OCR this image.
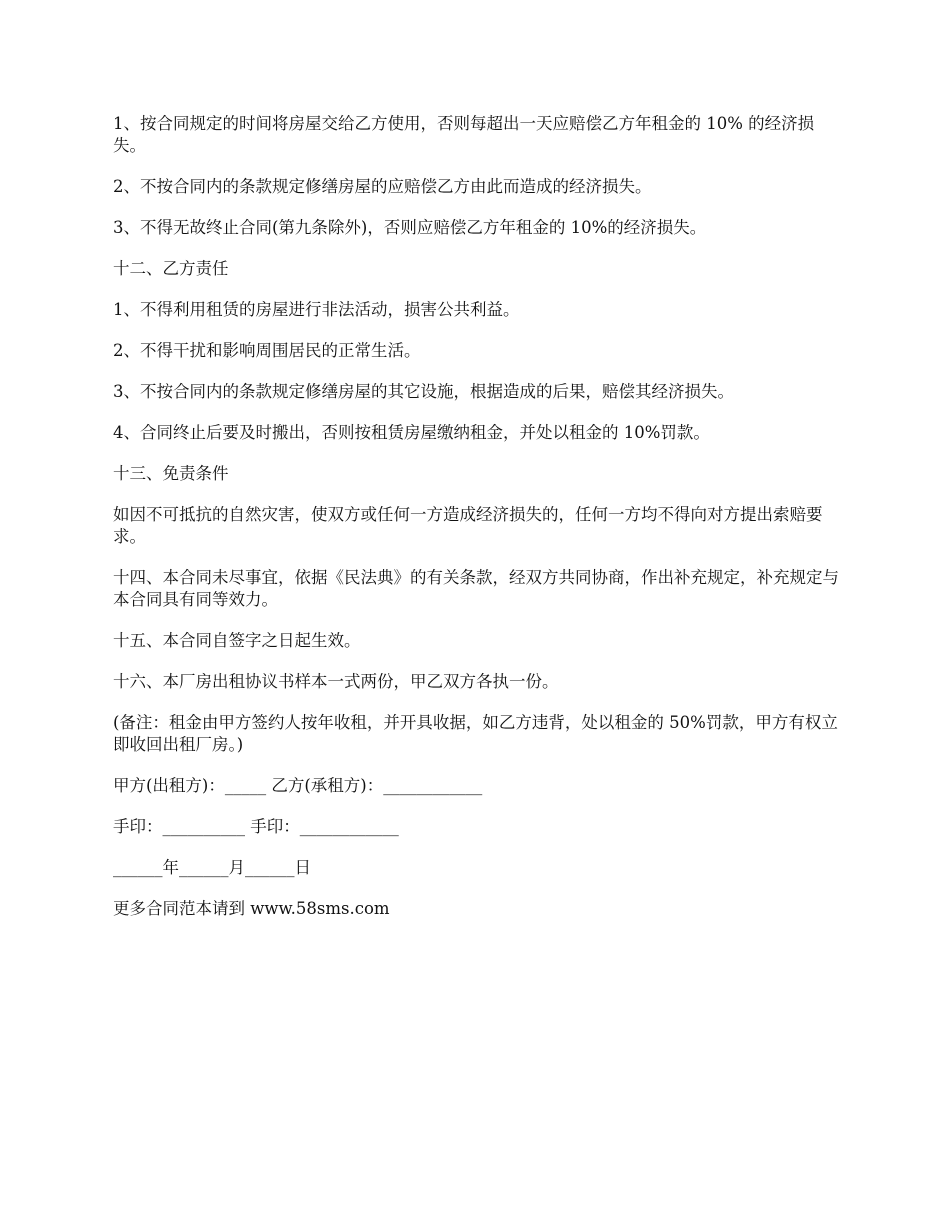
1、按合同规定的时间将房屋交给乙方使用，否则每超出一天应赔偿乙方年租金的 10% 的经济损失。

2、不按合同内的条款规定修缮房屋的应赔偿乙方由此而造成的经济损失。

3、不得无故终止合同(第九条除外)，否则应赔偿乙方年租金的 10%的经济损失。

十二、乙方责任

1、不得利用租赁的房屋进行非法活动，损害公共利益。

2、不得干扰和影响周围居民的正常生活。

3、不按合同内的条款规定修缮房屋的其它设施，根据造成的后果，赔偿其经济损失。

4、合同终止后要及时搬出，否则按租赁房屋缴纳租金，并处以租金的 10%罚款。

十三、免责条件

如因不可抵抗的自然灾害，使双方或任何一方造成经济损失的，任何一方均不得向对方提出索赔要求。

十四、本合同未尽事宜，依据《民法典》的有关条款，经双方共同协商，作出补充规定，补充规定与本合同具有同等效力。

十五、本合同自签字之日起生效。

十六、本厂房出租协议书样本一式两份，甲乙双方各执一份。

(备注：租金由甲方签约人按年收租，并开具收据，如乙方违背，处以租金的 50%罚款，甲方有权立即收回出租厂房。)

甲方(出租方)：_____ 乙方(承租方)：____________

手印：__________ 手印：____________

______年______月______日

更多合同范本请到 www.58sms.com
